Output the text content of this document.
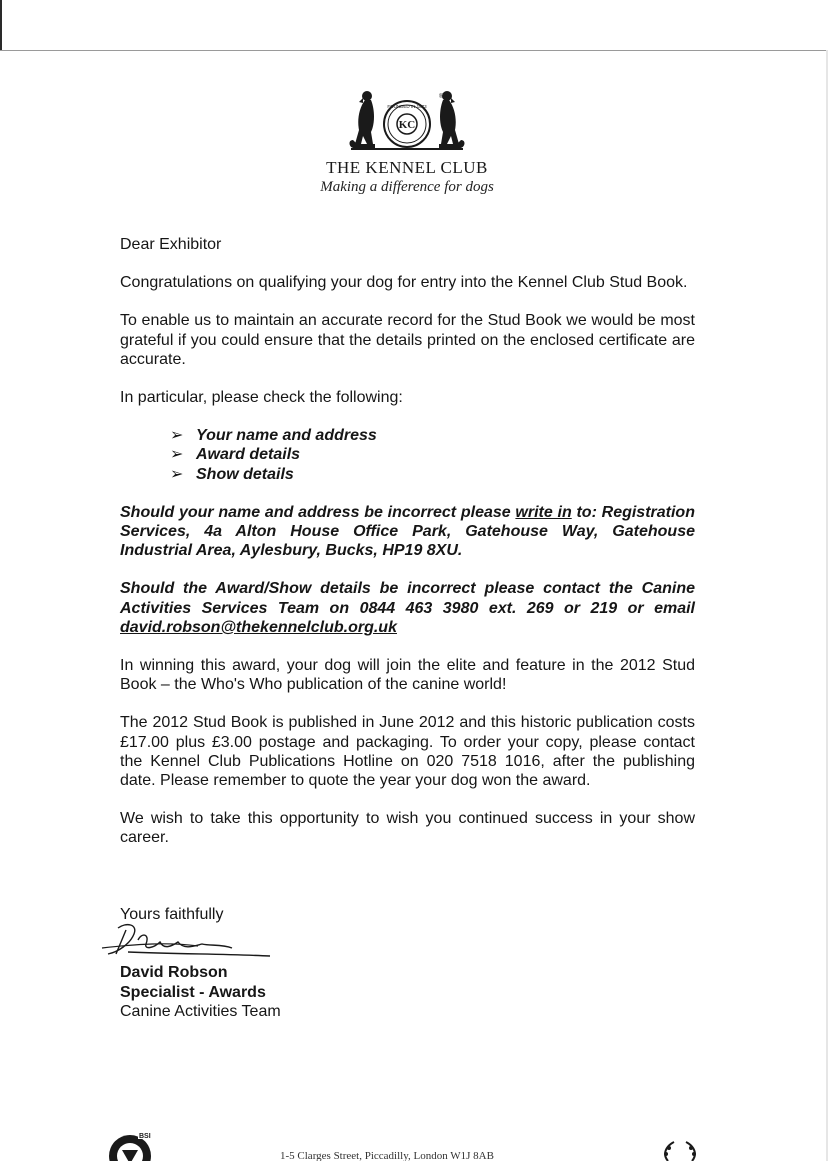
KC
FOUNDED IN 1873
®
THE KENNEL CLUB
Making a difference for dogs

Dear Exhibitor

Congratulations on qualifying your dog for entry into the Kennel Club Stud Book.

To enable us to maintain an accurate record for the Stud Book we would be most grateful if you could ensure that the details printed on the enclosed certificate are accurate.

In particular, please check the following:

➢ Your name and address
➢ Award details
➢ Show details

Should your name and address be incorrect please write in to: Registration Services, 4a Alton House Office Park, Gatehouse Way, Gatehouse Industrial Area, Aylesbury, Bucks, HP19 8XU.

Should the Award/Show details be incorrect please contact the Canine Activities Services Team on 0844 463 3980 ext. 269 or 219 or email david.robson@thekennelclub.org.uk

In winning this award, your dog will join the elite and feature in the 2012 Stud Book – the Who's Who publication of the canine world!

The 2012 Stud Book is published in June 2012 and this historic publication costs £17.00 plus £3.00 postage and packaging. To order your copy, please contact the Kennel Club Publications Hotline on 020 7518 1016, after the publishing date. Please remember to quote the year your dog won the award.

We wish to take this opportunity to wish you continued success in your show career.

Yours faithfully
David Robson
Specialist - Awards
Canine Activities Team
BSI
1-5 Clarges Street, Piccadilly, London W1J 8AB
